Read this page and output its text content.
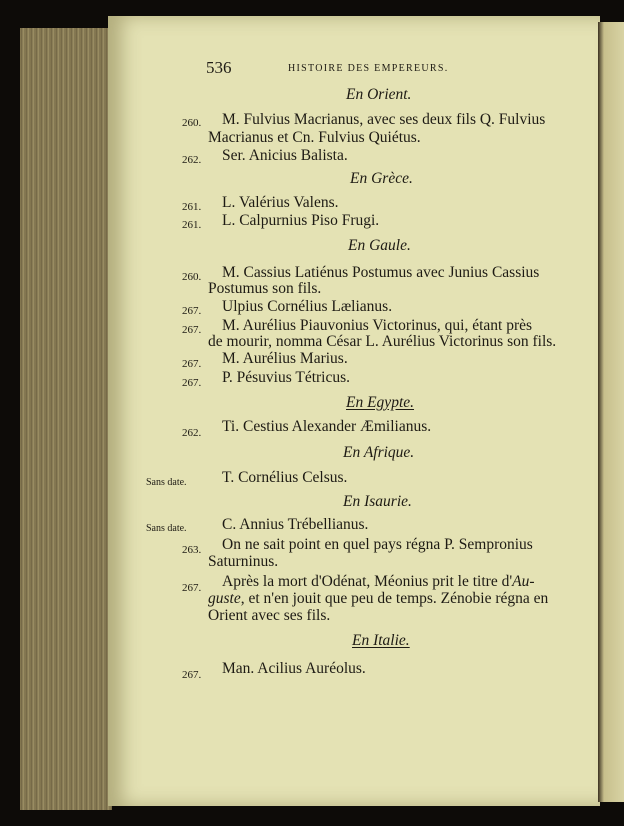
536	HISTOIRE DES EMPEREURS.
En Orient.
260. M. Fulvius Macrianus, avec ses deux fils Q. Fulvius
Macrianus et Cn. Fulvius Quiétus.
262. Ser. Anicius Balista.
En Grèce.
261. L. Valérius Valens.
261. L. Calpurnius Piso Frugi.
En Gaule.
260. M. Cassius Latiénus Postumus avec Junius Cassius
Postumus son fils.
267. Ulpius Cornélius Lælianus.
267. M. Aurélius Piauvonius Victorinus, qui, étant près
de mourir, nomma César L. Aurélius Victorinus son fils.
267. M. Aurélius Marius.
267. P. Pésuvius Tétricus.
En Egypte.
262. Ti. Cestius Alexander Æmilianus.
En Afrique.
Sans date. T. Cornélius Celsus.
En Isaurie.
Sans date. C. Annius Trébellianus.
263. On ne sait point en quel pays régna P. Sempronius
Saturninus.
267. Après la mort d'Odénat, Méonius prit le titre d'Au-
guste, et n'en jouit que peu de temps. Zénobie régna en
Orient avec ses fils.
En Italie.
267. Man. Acilius Auréolus.
